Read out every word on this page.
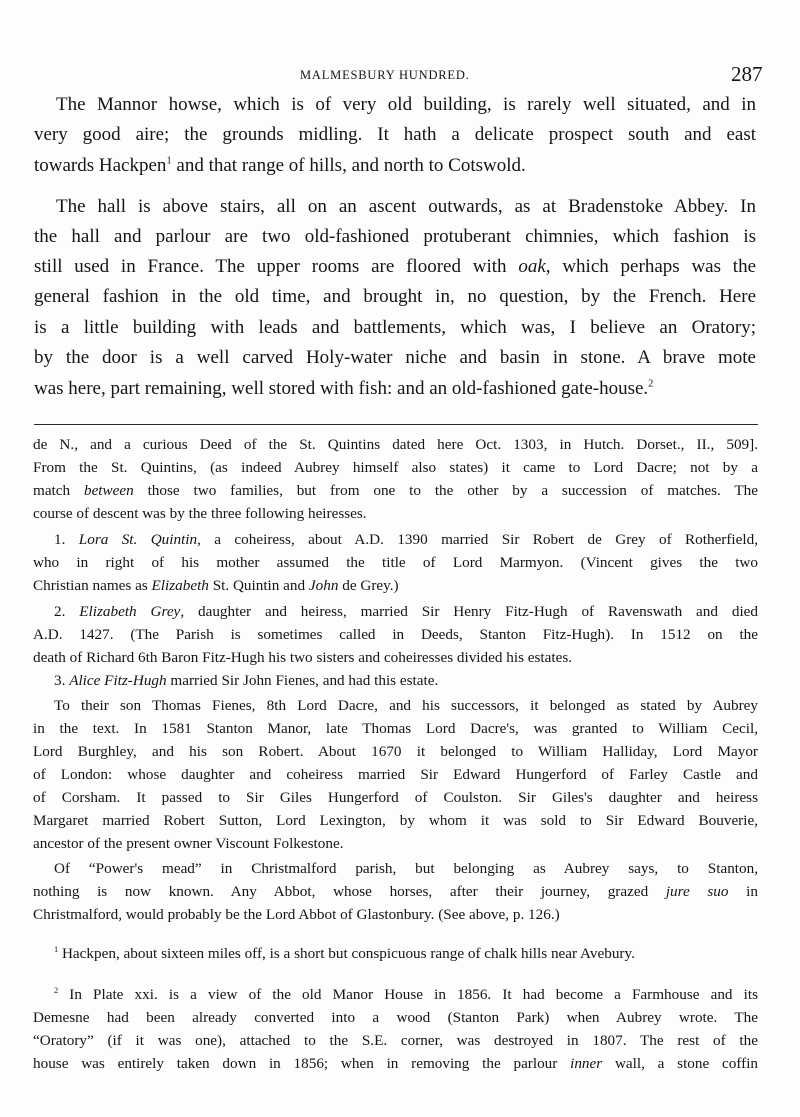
MALMESBURY HUNDRED.	287
The Mannor howse, which is of very old building, is rarely well situated, and in
very good aire; the grounds midling. It hath a delicate prospect south and east
towards Hackpen$^1$ and that range of hills, and north to Cotswold.
The hall is above stairs, all on an ascent outwards, as at Bradenstoke Abbey. In
the hall and parlour are two old-fashioned protuberant chimnies, which fashion is
still used in France. The upper rooms are floored with oak, which perhaps was the
general fashion in the old time, and brought in, no question, by the French. Here
is a little building with leads and battlements, which was, I believe an Oratory;
by the door is a well carved Holy-water niche and basin in stone. A brave mote
was here, part remaining, well stored with fish: and an old-fashioned gate-house.$^2$
de N., and a curious Deed of the St. Quintins dated here Oct. 1303, in Hutch. Dorset., II., 509].
From the St. Quintins, (as indeed Aubrey himself also states) it came to Lord Dacre; not by a
match between those two families, but from one to the other by a succession of matches. The
course of descent was by the three following heiresses.
1. Lora St. Quintin, a coheiress, about A.D. 1390 married Sir Robert de Grey of Rotherfield,
who in right of his mother assumed the title of Lord Marmyon. (Vincent gives the two
Christian names as Elizabeth St. Quintin and John de Grey.)
2. Elizabeth Grey, daughter and heiress, married Sir Henry Fitz-Hugh of Ravenswath and died
A.D. 1427. (The Parish is sometimes called in Deeds, Stanton Fitz-Hugh). In 1512 on the
death of Richard 6th Baron Fitz-Hugh his two sisters and coheiresses divided his estates.
3. Alice Fitz-Hugh married Sir John Fienes, and had this estate.
To their son Thomas Fienes, 8th Lord Dacre, and his successors, it belonged as stated by Aubrey
in the text. In 1581 Stanton Manor, late Thomas Lord Dacre's, was granted to William Cecil,
Lord Burghley, and his son Robert. About 1670 it belonged to William Halliday, Lord Mayor
of London: whose daughter and coheiress married Sir Edward Hungerford of Farley Castle and
of Corsham. It passed to Sir Giles Hungerford of Coulston. Sir Giles's daughter and heiress
Margaret married Robert Sutton, Lord Lexington, by whom it was sold to Sir Edward Bouverie,
ancestor of the present owner Viscount Folkestone.
Of “Power's mead” in Christmalford parish, but belonging as Aubrey says, to Stanton,
nothing is now known. Any Abbot, whose horses, after their journey, grazed jure suo in
Christmalford, would probably be the Lord Abbot of Glastonbury. (See above, p. 126.)
$^1$ Hackpen, about sixteen miles off, is a short but conspicuous range of chalk hills near Avebury.
$^2$ In Plate xxi. is a view of the old Manor House in 1856. It had become a Farmhouse and its
Demesne had been already converted into a wood (Stanton Park) when Aubrey wrote. The
“Oratory” (if it was one), attached to the S.E. corner, was destroyed in 1807. The rest of the
house was entirely taken down in 1856; when in removing the parlour inner wall, a stone coffin
